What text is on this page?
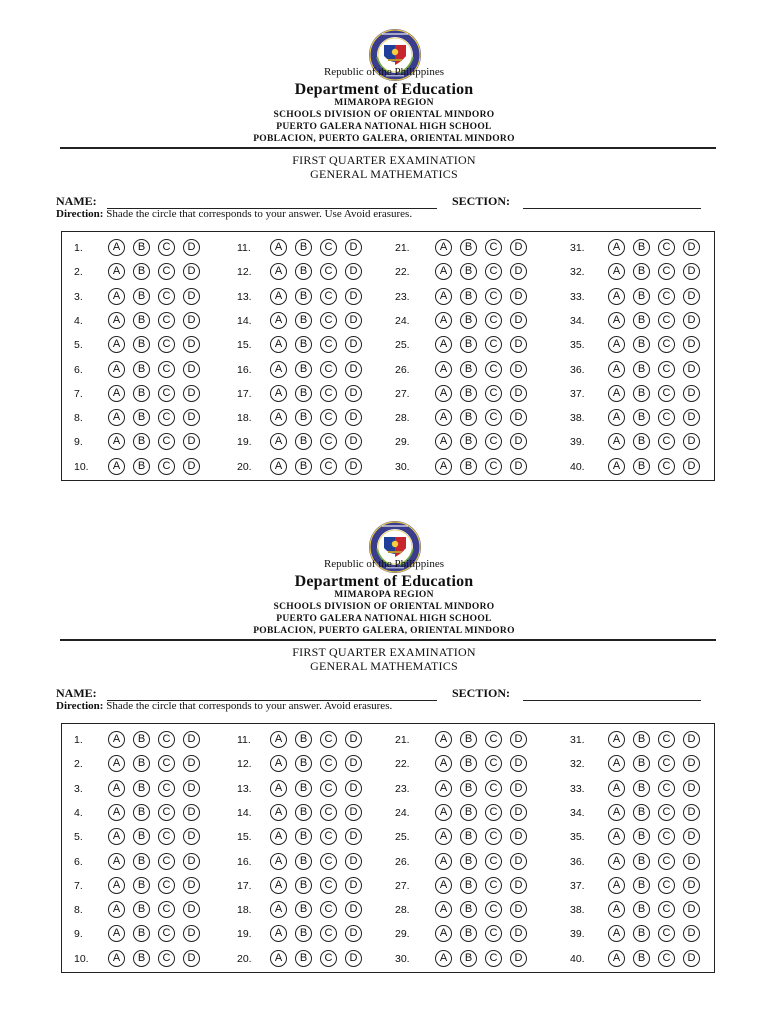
Republic of the Philippines
Department of Education
MIMAROPA REGION
SCHOOLS DIVISION OF ORIENTAL MINDORO
PUERTO GALERA NATIONAL HIGH SCHOOL
POBLACION, PUERTO GALERA, ORIENTAL MINDORO
FIRST QUARTER EXAMINATION
GENERAL MATHEMATICS
NAME:	SECTION:
Direction: Shade the circle that corresponds to your answer. Use Avoid erasures.
1.	A	B	C	D
2.	A	B	C	D
3.	A	B	C	D
4.	A	B	C	D
5.	A	B	C	D
6.	A	B	C	D
7.	A	B	C	D
8.	A	B	C	D
9.	A	B	C	D
10.	A	B	C	D
11.	A	B	C	D
12.	A	B	C	D
13.	A	B	C	D
14.	A	B	C	D
15.	A	B	C	D
16.	A	B	C	D
17.	A	B	C	D
18.	A	B	C	D
19.	A	B	C	D
20.	A	B	C	D
21.	A	B	C	D
22.	A	B	C	D
23.	A	B	C	D
24.	A	B	C	D
25.	A	B	C	D
26.	A	B	C	D
27.	A	B	C	D
28.	A	B	C	D
29.	A	B	C	D
30.	A	B	C	D
31.	A	B	C	D
32.	A	B	C	D
33.	A	B	C	D
34.	A	B	C	D
35.	A	B	C	D
36.	A	B	C	D
37.	A	B	C	D
38.	A	B	C	D
39.	A	B	C	D
40.	A	B	C	D
Republic of the Philippines
Department of Education
MIMAROPA REGION
SCHOOLS DIVISION OF ORIENTAL MINDORO
PUERTO GALERA NATIONAL HIGH SCHOOL
POBLACION, PUERTO GALERA, ORIENTAL MINDORO
FIRST QUARTER EXAMINATION
GENERAL MATHEMATICS
NAME:	SECTION:
Direction: Shade the circle that corresponds to your answer. Avoid erasures.
1.	A	B	C	D
2.	A	B	C	D
3.	A	B	C	D
4.	A	B	C	D
5.	A	B	C	D
6.	A	B	C	D
7.	A	B	C	D
8.	A	B	C	D
9.	A	B	C	D
10.	A	B	C	D
11.	A	B	C	D
12.	A	B	C	D
13.	A	B	C	D
14.	A	B	C	D
15.	A	B	C	D
16.	A	B	C	D
17.	A	B	C	D
18.	A	B	C	D
19.	A	B	C	D
20.	A	B	C	D
21.	A	B	C	D
22.	A	B	C	D
23.	A	B	C	D
24.	A	B	C	D
25.	A	B	C	D
26.	A	B	C	D
27.	A	B	C	D
28.	A	B	C	D
29.	A	B	C	D
30.	A	B	C	D
31.	A	B	C	D
32.	A	B	C	D
33.	A	B	C	D
34.	A	B	C	D
35.	A	B	C	D
36.	A	B	C	D
37.	A	B	C	D
38.	A	B	C	D
39.	A	B	C	D
40.	A	B	C	D
